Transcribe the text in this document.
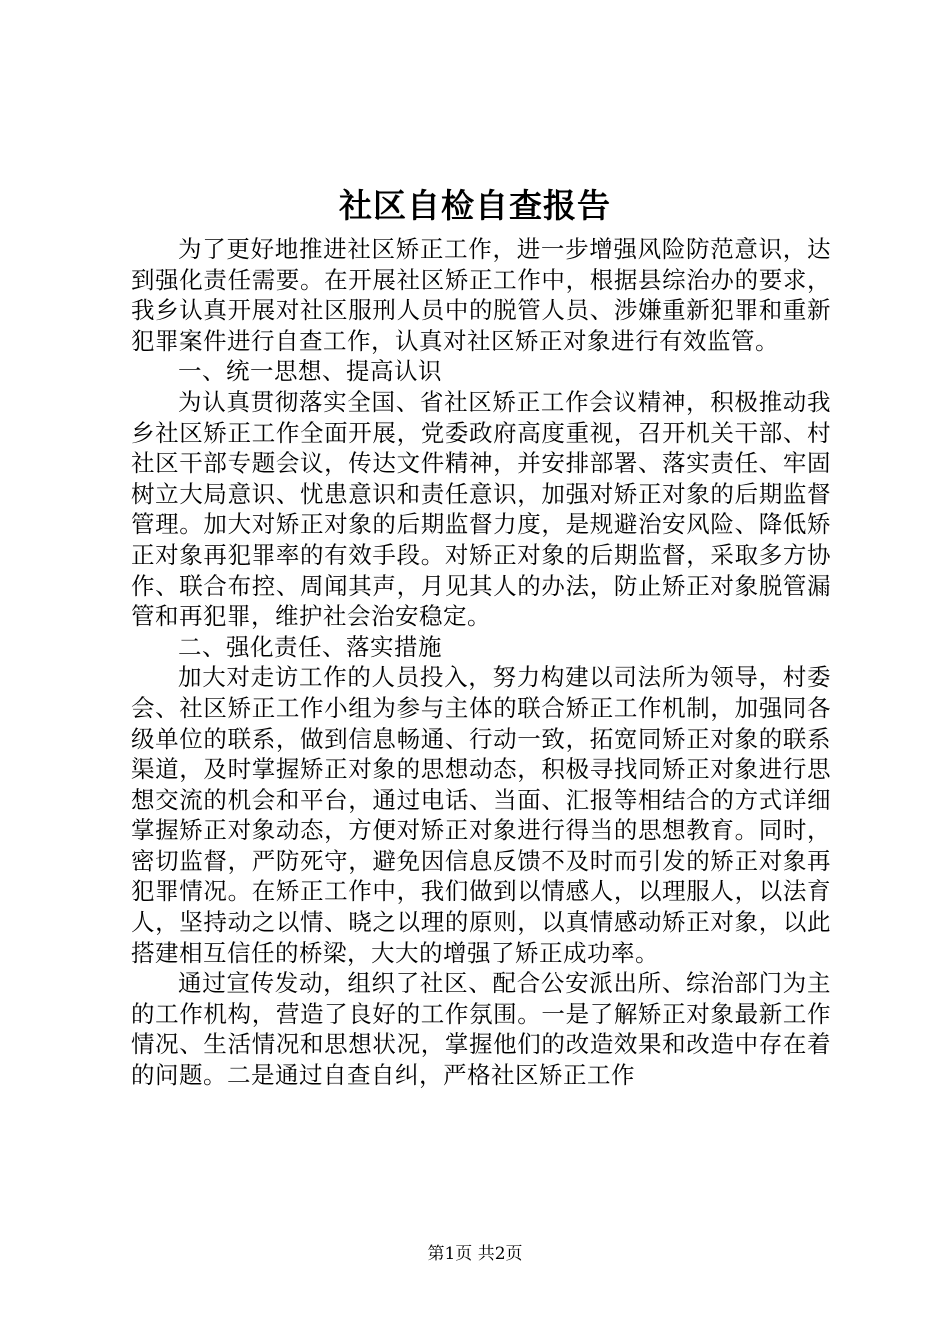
社区自检自查报告

为了更好地推进社区矫正工作，进一步增强风险防范意识，达到强化责任需要。在开展社区矫正工作中，根据县综治办的要求，我乡认真开展对社区服刑人员中的脱管人员、涉嫌重新犯罪和重新犯罪案件进行自查工作，认真对社区矫正对象进行有效监管。

一、统一思想、提高认识

为认真贯彻落实全国、省社区矫正工作会议精神，积极推动我乡社区矫正工作全面开展，党委政府高度重视，召开机关干部、村社区干部专题会议，传达文件精神，并安排部署、落实责任、牢固树立大局意识、忧患意识和责任意识，加强对矫正对象的后期监督管理。加大对矫正对象的后期监督力度，是规避治安风险、降低矫正对象再犯罪率的有效手段。对矫正对象的后期监督，采取多方协作、联合布控、周闻其声，月见其人的办法，防止矫正对象脱管漏管和再犯罪，维护社会治安稳定。

二、强化责任、落实措施

加大对走访工作的人员投入，努力构建以司法所为领导，村委会、社区矫正工作小组为参与主体的联合矫正工作机制，加强同各级单位的联系，做到信息畅通、行动一致，拓宽同矫正对象的联系渠道，及时掌握矫正对象的思想动态，积极寻找同矫正对象进行思想交流的机会和平台，通过电话、当面、汇报等相结合的方式详细掌握矫正对象动态，方便对矫正对象进行得当的思想教育。同时，密切监督，严防死守，避免因信息反馈不及时而引发的矫正对象再犯罪情况。在矫正工作中，我们做到以情感人，以理服人，以法育人，坚持动之以情、晓之以理的原则，以真情感动矫正对象，以此搭建相互信任的桥梁，大大的增强了矫正成功率。

通过宣传发动，组织了社区、配合公安派出所、综治部门为主的工作机构，营造了良好的工作氛围。一是了解矫正对象最新工作情况、生活情况和思想状况，掌握他们的改造效果和改造中存在着的问题。二是通过自查自纠，严格社区矫正工作

第1页 共2页
